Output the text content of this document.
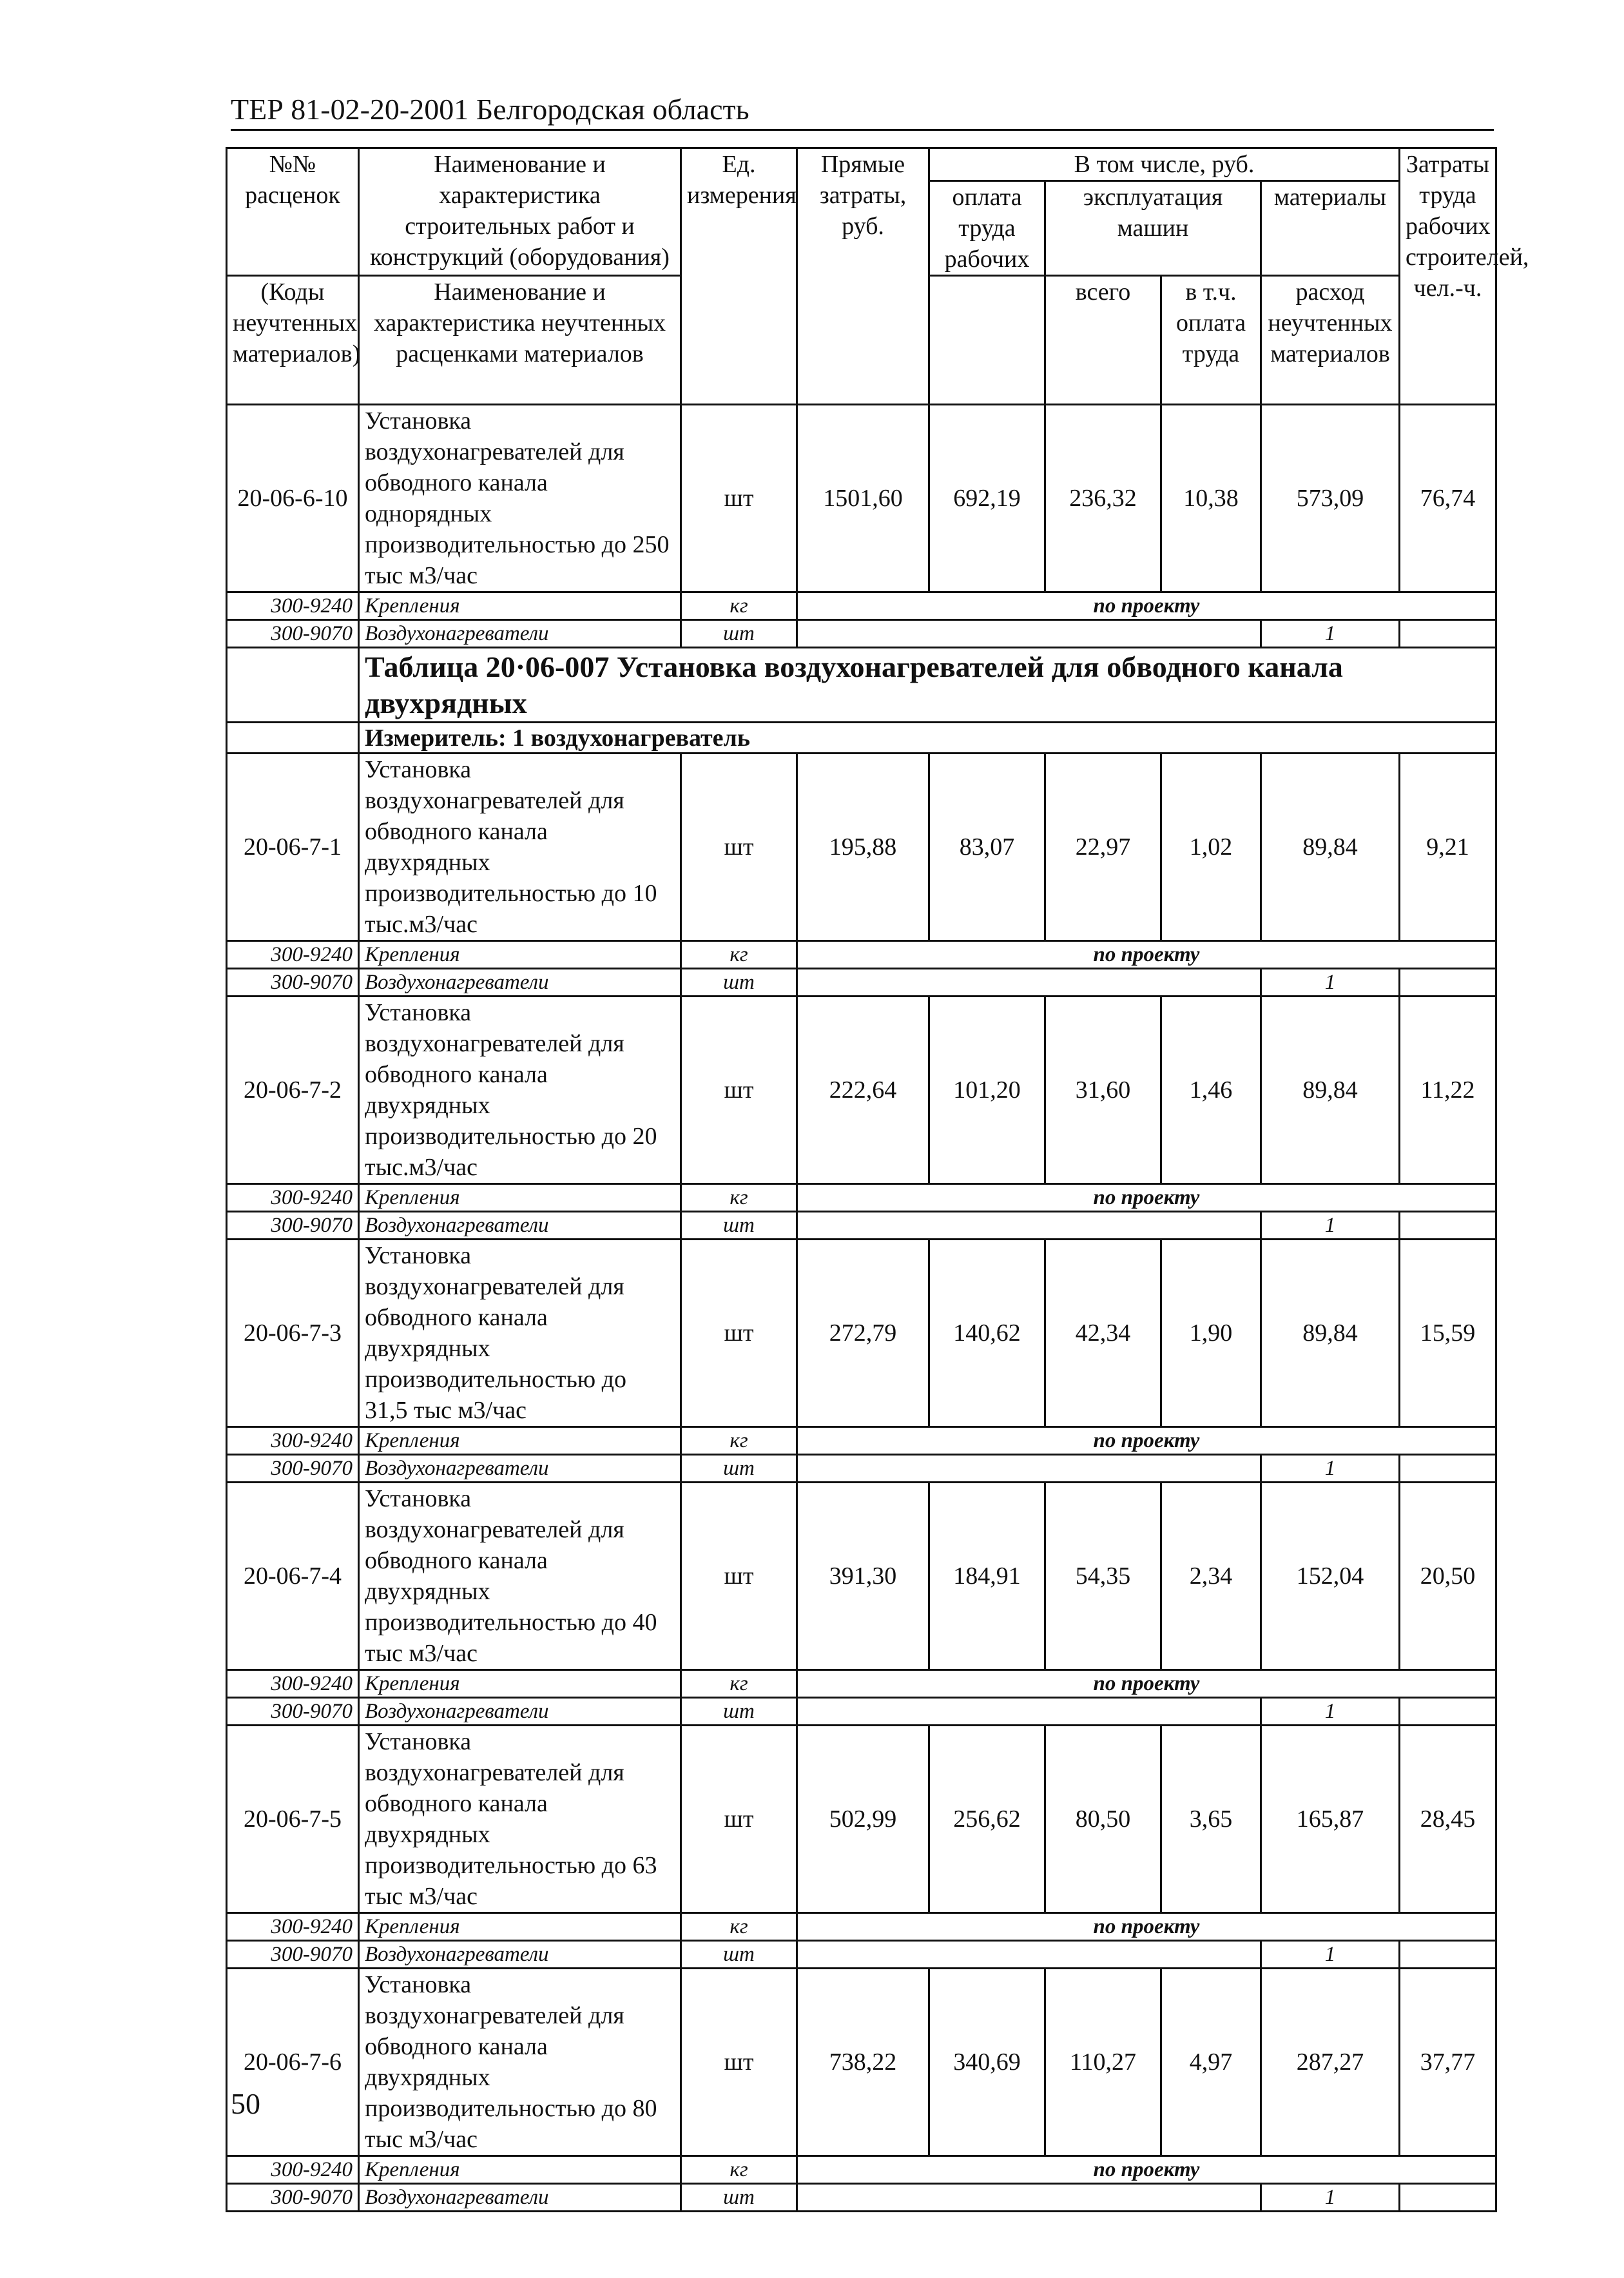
ТЕР 81-02-20-2001 Белгородская область
№№ расценок	Наименование и характеристика строительных работ и конструкций (оборудования)	Ед. измерения	Прямые затраты, руб.	В том числе, руб.				Затраты труда рабочих строителей, чел.-ч.
				оплата труда рабочих	эксплуатация машин		материалы	

(Коды неучтенных материалов)	Наименование и характеристика неучтенных расценками материалов				всего	в т.ч. оплата труда	расход неучтенных материалов	

20-06-6-10	Установка воздухонагревателей для обводного канала однорядных производительностью до 250 тыс м3/час	шт	1501,60	692,19	236,32	10,38	573,09	76,74
300-9240	Крепления	кг	по проекту					
300-9070	Воздухонагреватели	шт					1	
	Таблица 20·06-007 Установка воздухонагревателей для обводного канала двухрядных							
	Измеритель: 1 воздухонагреватель							
20-06-7-1	Установка воздухонагревателей для обводного канала двухрядных производительностью до 10 тыс.м3/час	шт	195,88	83,07	22,97	1,02	89,84	9,21
300-9240	Крепления	кг	по проекту					
300-9070	Воздухонагреватели	шт					1	
20-06-7-2	Установка воздухонагревателей для обводного канала двухрядных производительностью до 20 тыс.м3/час	шт	222,64	101,20	31,60	1,46	89,84	11,22
300-9240	Крепления	кг	по проекту					
300-9070	Воздухонагреватели	шт					1	
20-06-7-3	Установка воздухонагревателей для обводного канала двухрядных производительностью до 31,5 тыс м3/час	шт	272,79	140,62	42,34	1,90	89,84	15,59
300-9240	Крепления	кг	по проекту					
300-9070	Воздухонагреватели	шт					1	
20-06-7-4	Установка воздухонагревателей для обводного канала двухрядных производительностью до 40 тыс м3/час	шт	391,30	184,91	54,35	2,34	152,04	20,50
300-9240	Крепления	кг	по проекту					
300-9070	Воздухонагреватели	шт					1	
20-06-7-5	Установка воздухонагревателей для обводного канала двухрядных производительностью до 63 тыс м3/час	шт	502,99	256,62	80,50	3,65	165,87	28,45
300-9240	Крепления	кг	по проекту					
300-9070	Воздухонагреватели	шт					1	
20-06-7-6	Установка воздухонагревателей для обводного канала двухрядных производительностью до 80 тыс м3/час	шт	738,22	340,69	110,27	4,97	287,27	37,77
300-9240	Крепления	кг	по проекту					
300-9070	Воздухонагреватели	шт					1	
50
